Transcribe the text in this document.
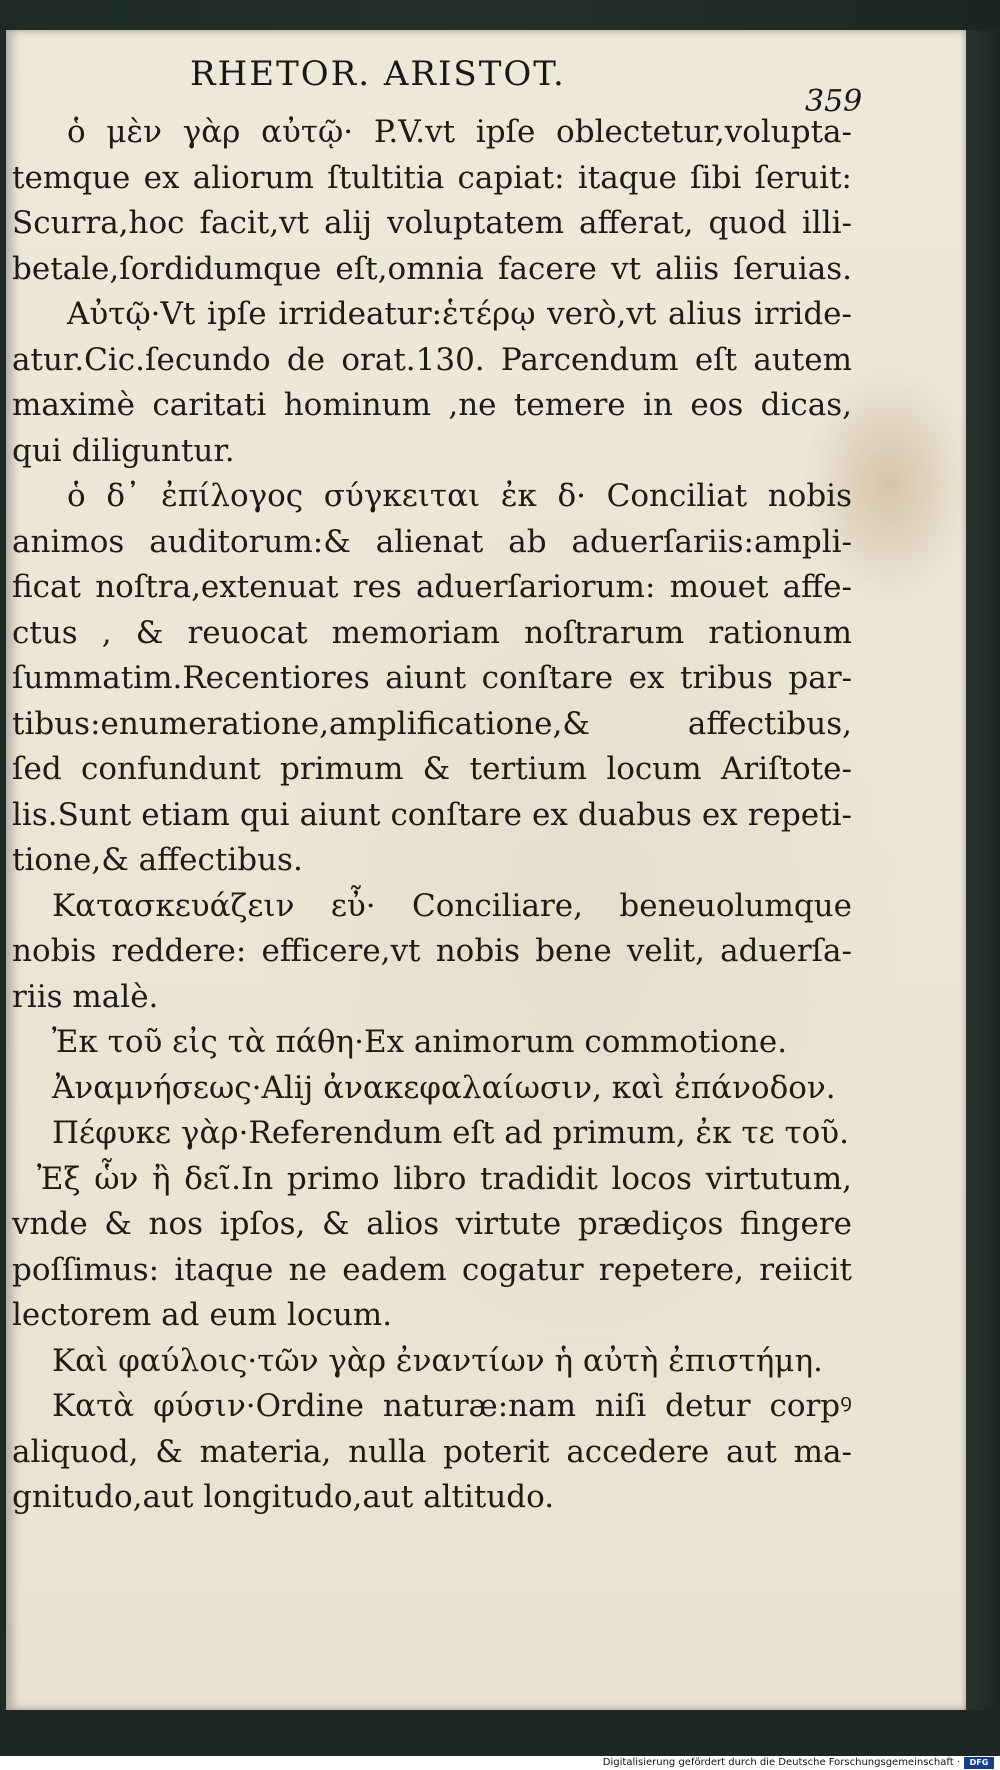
RHETOR. ARISTOT.
359
ὁ μὲν γὰρ αὐτῷ· P.V.vt ipſe oblectetur,volupta-
temque ex aliorum ſtultitia capiat: itaque ſibi ſeruit:
Scurra,hoc facit,vt alij voluptatem afferat, quod illi-
betale,ſordidumque eſt,omnia facere vt aliis ſeruias.
Αὐτῷ·Vt ipſe irrideatur:ἑτέρῳ verò,vt alius irride-
atur.Cic.ſecundo de orat.130. Parcendum eſt autem
maximè caritati hominum ,ne temere in eos dicas,
qui diliguntur.
ὁ δ᾽ ἐπίλογος σύγκειται ἐκ δ· Conciliat nobis
animos auditorum:& alienat ab aduerſariis:ampli-
ficat noſtra,extenuat res aduerſariorum: mouet affe-
ctus , & reuocat memoriam noſtrarum rationum
ſummatim.Recentiores aiunt conſtare ex tribus par-
tibus:enumeratione,amplificatione,& affectibus,
ſed confundunt primum & tertium locum Ariſtote-
lis.Sunt etiam qui aiunt conſtare ex duabus ex repeti-
tione,& affectibus.
Κατασκευάζειν εὖ· Conciliare, beneuolumque
nobis reddere: efficere,vt nobis bene velit, aduerſa-
riis malè.
Ἐκ τοῦ εἰς τὰ πάθη·Ex animorum commotione.
Ἀναμνήσεως·Alij ἀνακεφαλαίωσιν, καὶ ἐπάνοδον.
Πέφυκε γὰρ·Referendum eſt ad primum, ἐκ τε τοῦ.
Ἐξ ὧν ἢ δεῖ.In primo libro tradidit locos virtutum,
vnde & nos ipſos, & alios virtute prædiços fingere
poſſimus: itaque ne eadem cogatur repetere, reiicit
lectorem ad eum locum.
Καὶ φαύλοις·τῶν γὰρ ἐναντίων ἡ αὐτὴ ἐπιστήμη.
Κατὰ φύσιν·Ordine naturæ:nam niſi detur corpꝰ
aliquod, & materia, nulla poterit accedere aut ma-
gnitudo,aut longitudo,aut altitudo.
Digitalisierung gefördert durch die Deutsche Forschungsgemeinschaft ·	DFG
